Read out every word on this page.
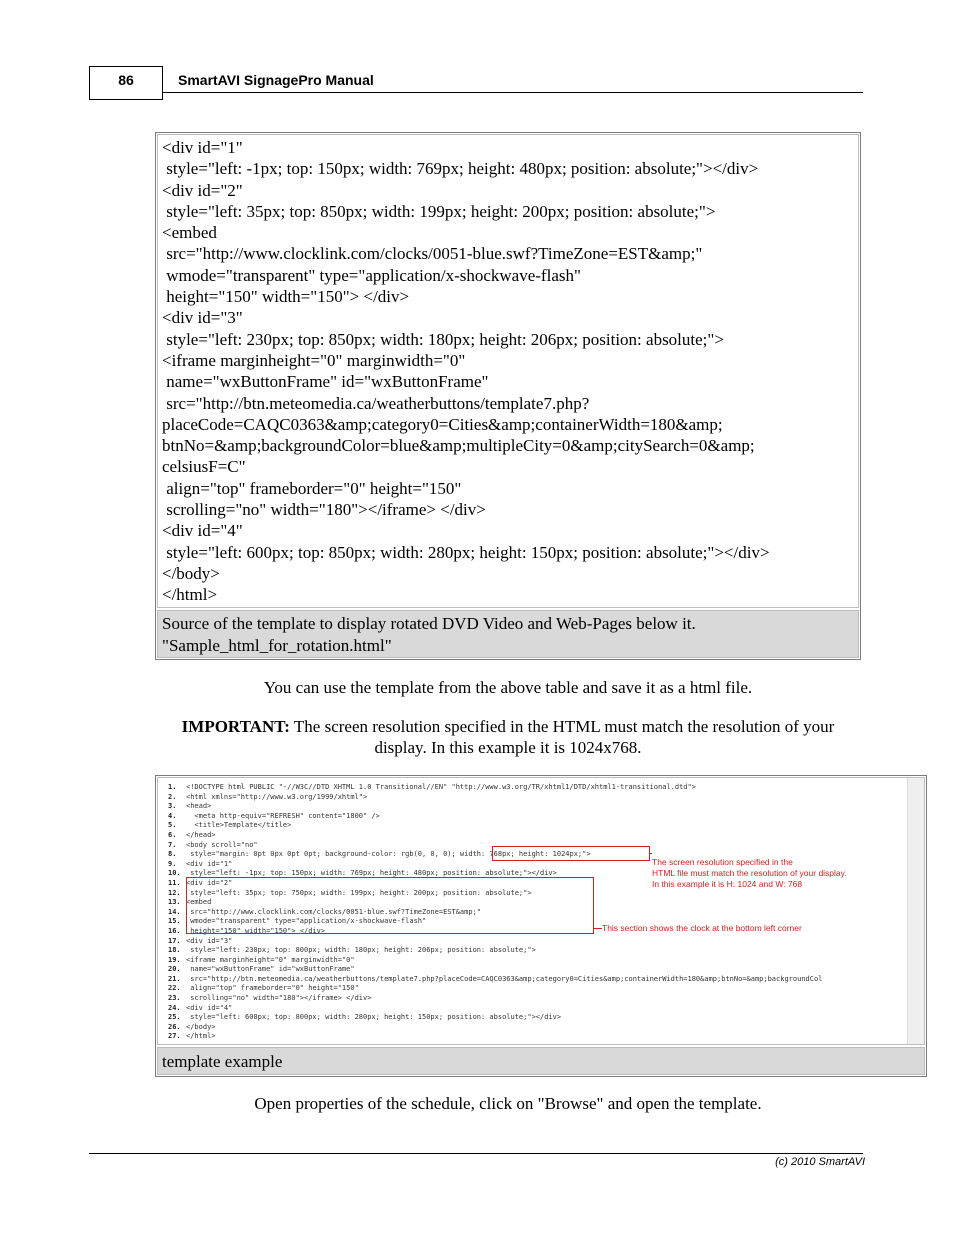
86	SmartAVI SignagePro Manual
<div id="1"
style="left: -1px; top: 150px; width: 769px; height: 480px; position: absolute;"></div>
<div id="2"
style="left: 35px; top: 850px; width: 199px; height: 200px; position: absolute;">
<embed
src="http://www.clocklink.com/clocks/0051-blue.swf?TimeZone=EST&amp;"
wmode="transparent" type="application/x-shockwave-flash"
height="150" width="150"> </div>
<div id="3"
style="left: 230px; top: 850px; width: 180px; height: 206px; position: absolute;">
<iframe marginheight="0" marginwidth="0"
name="wxButtonFrame" id="wxButtonFrame"
src="http://btn.meteomedia.ca/weatherbuttons/template7.php?
placeCode=CAQC0363&amp;category0=Cities&amp;containerWidth=180&amp;
btnNo=&amp;backgroundColor=blue&amp;multipleCity=0&amp;citySearch=0&amp;
celsiusF=C"
align="top" frameborder="0" height="150"
scrolling="no" width="180"></iframe> </div>
<div id="4"
style="left: 600px; top: 850px; width: 280px; height: 150px; position: absolute;"></div>
</body>
</html>
Source of the template to display rotated DVD Video and Web-Pages below it.
"Sample_html_for_rotation.html"
You can use the template from the above table and save it as a html file.
IMPORTANT: The screen resolution specified in the HTML must match the resolution of your display. In this example it is 1024x768.
1.	<!DOCTYPE html PUBLIC "-//W3C//DTD XHTML 1.0 Transitional//EN" "http://www.w3.org/TR/xhtml1/DTD/xhtml1-transitional.dtd">
2.	<html xmlns="http://www.w3.org/1999/xhtml">
3.	<head>
4.	<meta http-equiv="REFRESH" content="1800" />
5.	<title>Template</title>
6.	</head>
7.	<body scroll="no"
8.	style="margin: 0pt 0px 0pt 0pt; background-color: rgb(0, 0, 0); width: 768px; height: 1024px;">
9.	<div id="1"
10. style="left: -1px; top: 150px; width: 769px; height: 480px; position: absolute;"></div>
11. <div id="2"
12. style="left: 35px; top: 750px; width: 199px; height: 200px; position: absolute;">
13. <embed
14. src="http://www.clocklink.com/clocks/0051-blue.swf?TimeZone=EST&amp;"
15. wmode="transparent" type="application/x-shockwave-flash"
16. height="150" width="150"> </div>
17. <div id="3"
18. style="left: 230px; top: 800px; width: 180px; height: 206px; position: absolute;">
19. <iframe marginheight="0" marginwidth="0"
20. name="wxButtonFrame" id="wxButtonFrame"
21. src="http://btn.meteomedia.ca/weatherbuttons/template7.php?placeCode=CAQC0363&amp;category0=Cities&amp;containerWidth=180&amp;btnNo=&amp;backgroundCol
22. align="top" frameborder="0" height="150"
23. scrolling="no" width="180"></iframe> </div>
24. <div id="4"
25. style="left: 600px; top: 800px; width: 280px; height: 150px; position: absolute;"></div>
26. </body>
27. </html>
The screen resolution specified in the
HTML file must match the resolution of your display.
In this example it is H: 1024 and W: 768
This section shows the clock at the bottom left corner
template example
Open properties of the schedule, click on "Browse" and open the template.
(c) 2010 SmartAVI
